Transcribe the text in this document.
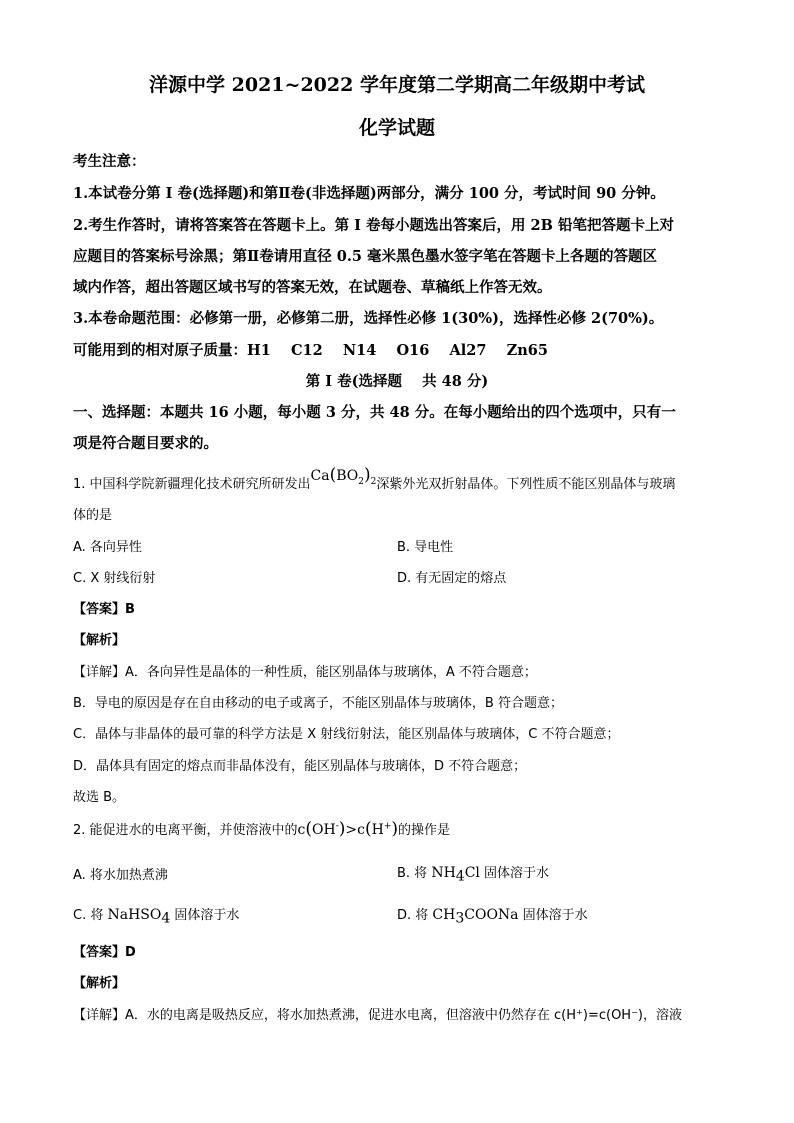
洋源中学 2021~2022 学年度第二学期高二年级期中考试
化学试题
考生注意：
1.本试卷分第 I 卷(选择题)和第Ⅱ卷(非选择题)两部分，满分 100 分，考试时间 90 分钟。
2.考生作答时，请将答案答在答题卡上。第 I 卷每小题选出答案后，用 2B 铅笔把答题卡上对
应题目的答案标号涂黑；第Ⅱ卷请用直径 0.5 毫米黑色墨水签字笔在答题卡上各题的答题区
域内作答，超出答题区域书写的答案无效，在试题卷、草稿纸上作答无效。
3.本卷命题范围：必修第一册，必修第二册，选择性必修 1(30%)，选择性必修 2(70%)。
可能用到的相对原子质量：H1    C12    N14    O16    Al27    Zn65
第 I 卷(选择题    共 48 分)
一、选择题：本题共 16 小题，每小题 3 分，共 48 分。在每小题给出的四个选项中，只有一
项是符合题目要求的。
1. 中国科学院新疆理化技术研究所研发出$Ca(BO_2)_2$深紫外光双折射晶体。下列性质不能区别晶体与玻璃
体的是
A. 各向异性	B. 导电性
C. X 射线衍射	D. 有无固定的熔点
【答案】B
【解析】
【详解】A．各向异性是晶体的一种性质，能区别晶体与玻璃体，A 不符合题意；
B．导电的原因是存在自由移动的电子或离子，不能区别晶体与玻璃体，B 符合题意；
C．晶体与非晶体的最可靠的科学方法是 X 射线衍射法，能区别晶体与玻璃体，C 不符合题意；
D．晶体具有固定的熔点而非晶体没有，能区别晶体与玻璃体，D 不符合题意；
故选 B。
2. 能促进水的电离平衡，并使溶液中的c(OH-)>c(H+)的操作是
A. 将水加热煮沸	B. 将 $NH_4Cl$ 固体溶于水
C. 将 NaHSO$_4$ 固体溶于水	D. 将 $CH_3COONa$ 固体溶于水
【答案】D
【解析】
【详解】A．水的电离是吸热反应，将水加热煮沸，促进水电离，但溶液中仍然存在 c(H⁺)=c(OH⁻)，溶液
